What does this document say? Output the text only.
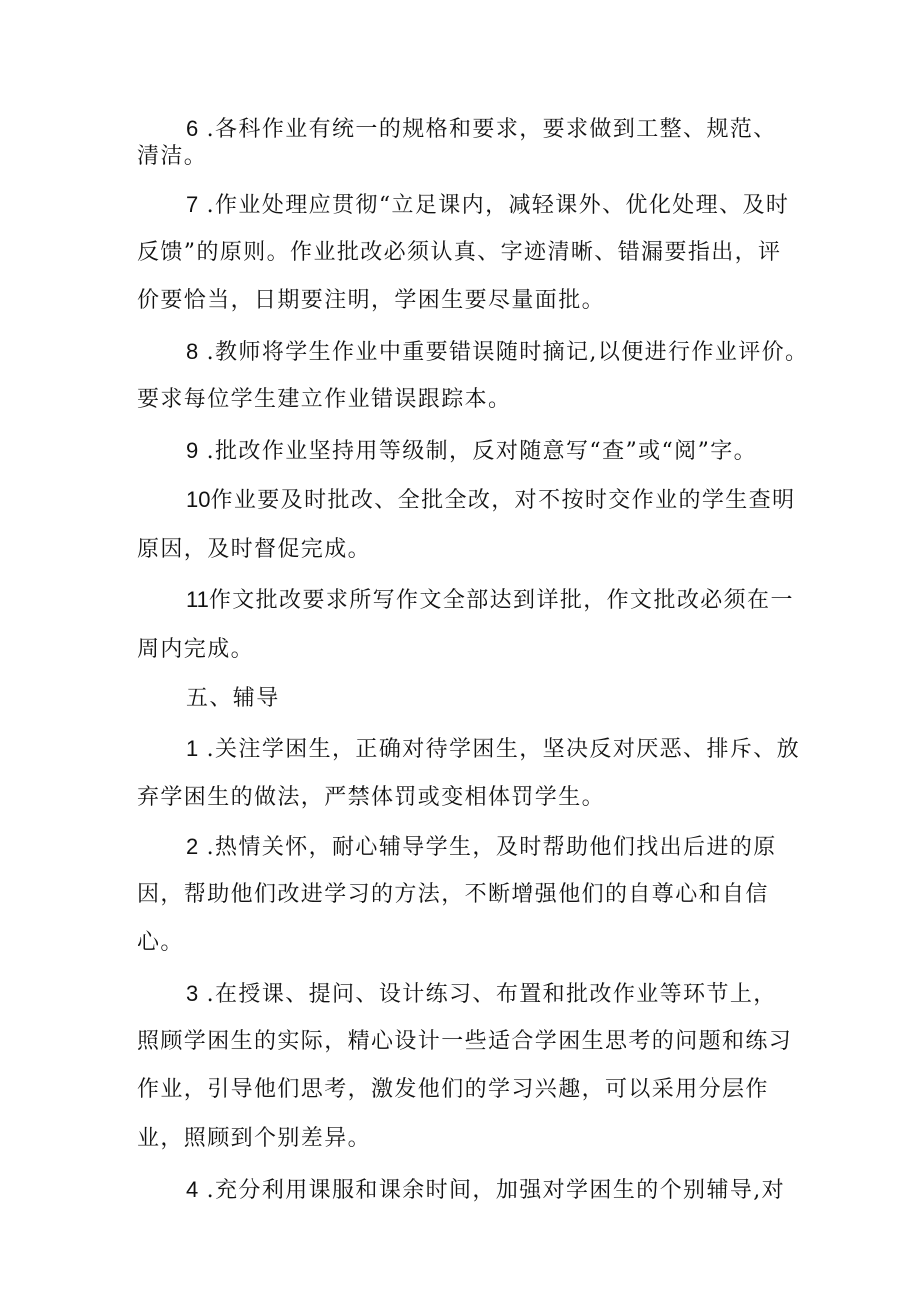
6 .各科作业有统一的规格和要求，要求做到工整、规范、
清洁。
7 .作业处理应贯彻“立足课内，减轻课外、优化处理、及时
反馈”的原则。作业批改必须认真、字迹清晰、错漏要指出，评
价要恰当，日期要注明，学困生要尽量面批。
8 .教师将学生作业中重要错误随时摘记,以便进行作业评价。
要求每位学生建立作业错误跟踪本。
9 .批改作业坚持用等级制，反对随意写“查”或“阅”字。
10作业要及时批改、全批全改，对不按时交作业的学生查明
原因，及时督促完成。
11作文批改要求所写作文全部达到详批，作文批改必须在一
周内完成。
五、辅导
1 .关注学困生，正确对待学困生，坚决反对厌恶、排斥、放
弃学困生的做法，严禁体罚或变相体罚学生。
2 .热情关怀，耐心辅导学生，及时帮助他们找出后进的原
因，帮助他们改进学习的方法，不断增强他们的自尊心和自信
心。
3 .在授课、提问、设计练习、布置和批改作业等环节上，
照顾学困生的实际，精心设计一些适合学困生思考的问题和练习
作业，引导他们思考，激发他们的学习兴趣，可以采用分层作
业，照顾到个别差异。
4 .充分利用课服和课余时间，加强对学困生的个别辅导,对
